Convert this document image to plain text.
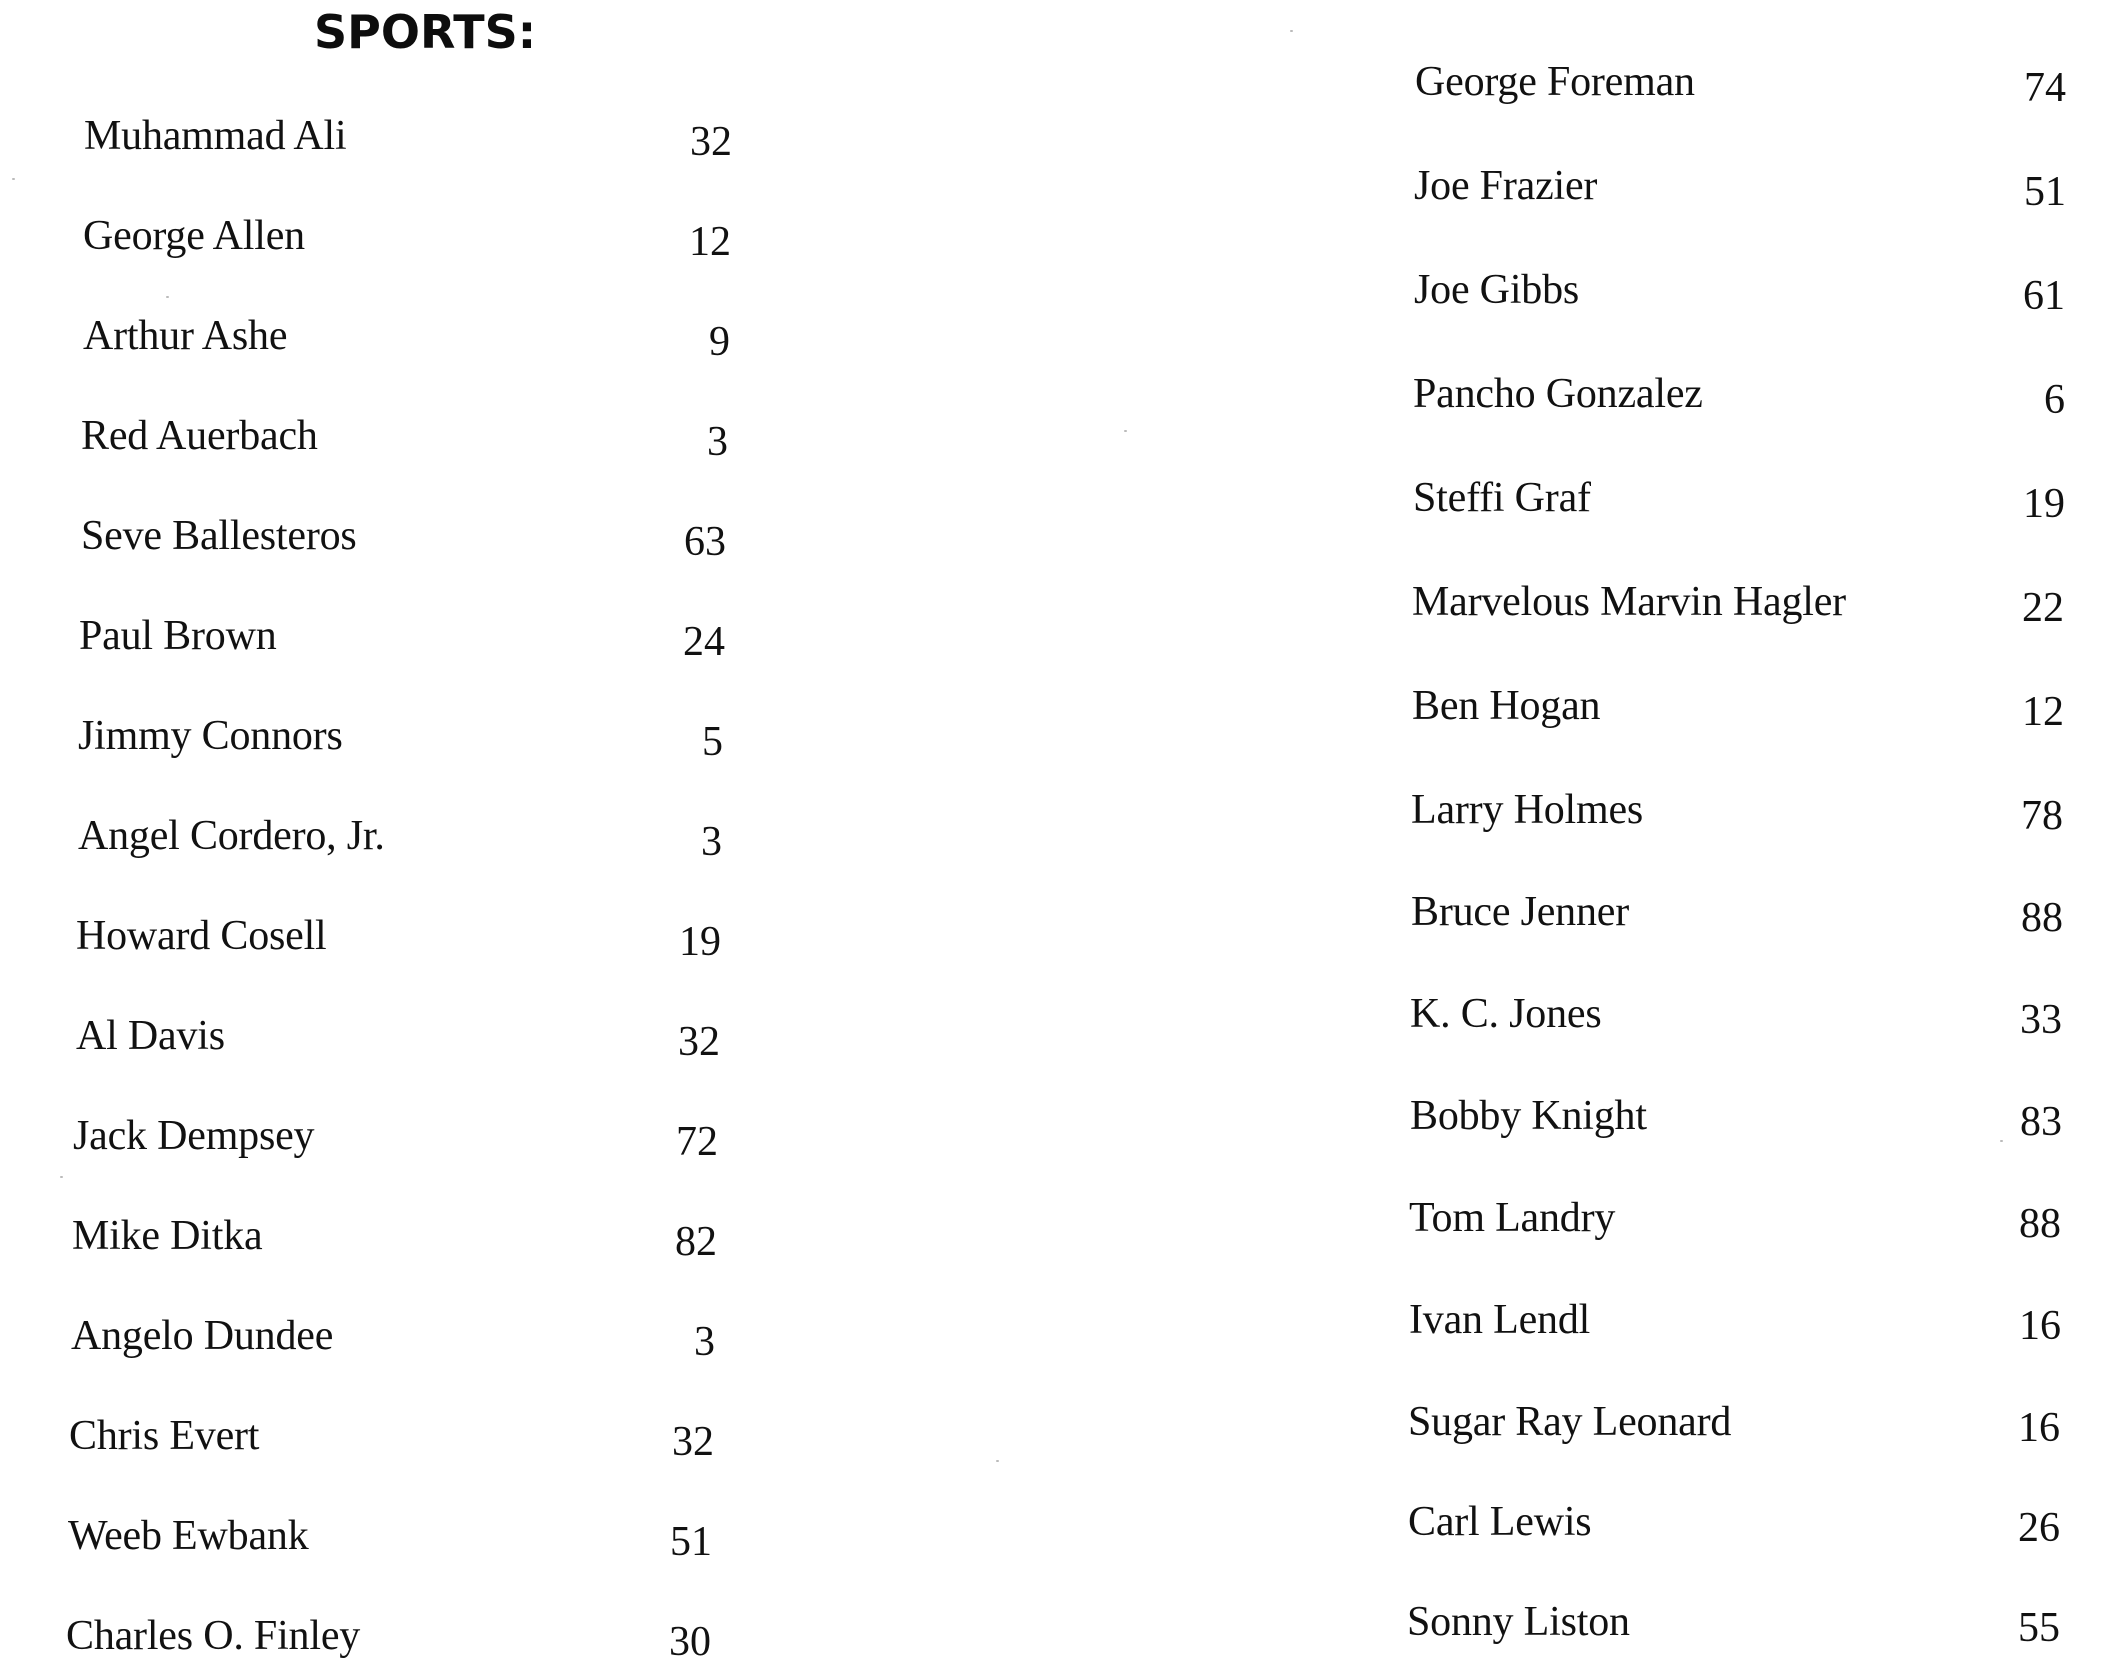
SPORTS:
Muhammad Ali	32
George Allen	12
Arthur Ashe	9
Red Auerbach	3
Seve Ballesteros	63
Paul Brown	24
Jimmy Connors	5
Angel Cordero, Jr.	3
Howard Cosell	19
Al Davis	32
Jack Dempsey	72
Mike Ditka	82
Angelo Dundee	3
Chris Evert	32
Weeb Ewbank	51
Charles O. Finley	30
George Foreman	74
Joe Frazier	51
Joe Gibbs	61
Pancho Gonzalez	6
Steffi Graf	19
Marvelous Marvin Hagler	22
Ben Hogan	12
Larry Holmes	78
Bruce Jenner	88
K. C. Jones	33
Bobby Knight	83
Tom Landry	88
Ivan Lendl	16
Sugar Ray Leonard	16
Carl Lewis	26
Sonny Liston	55
